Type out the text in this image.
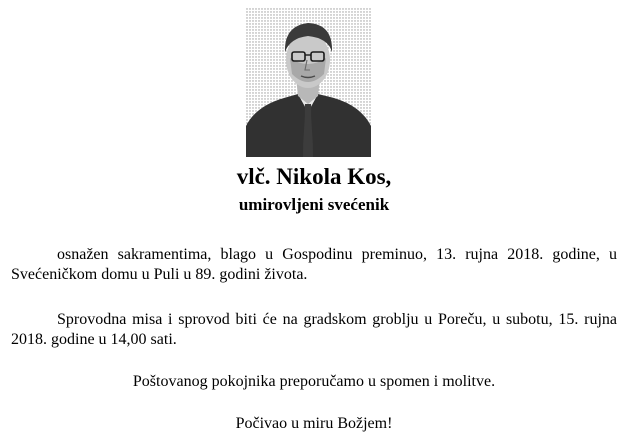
vlč. Nikola Kos,
umirovljeni svećenik
osnažen sakramentima, blago u Gospodinu preminuo, 13. rujna 2018. godine, u Svećeničkom domu u Puli u 89. godini života.
Sprovodna misa i sprovod biti će na gradskom groblju u Poreču, u subotu, 15. rujna 2018. godine u 14,00 sati.
Poštovanog pokojnika preporučamo u spomen i molitve.
Počivao u miru Božjem!
